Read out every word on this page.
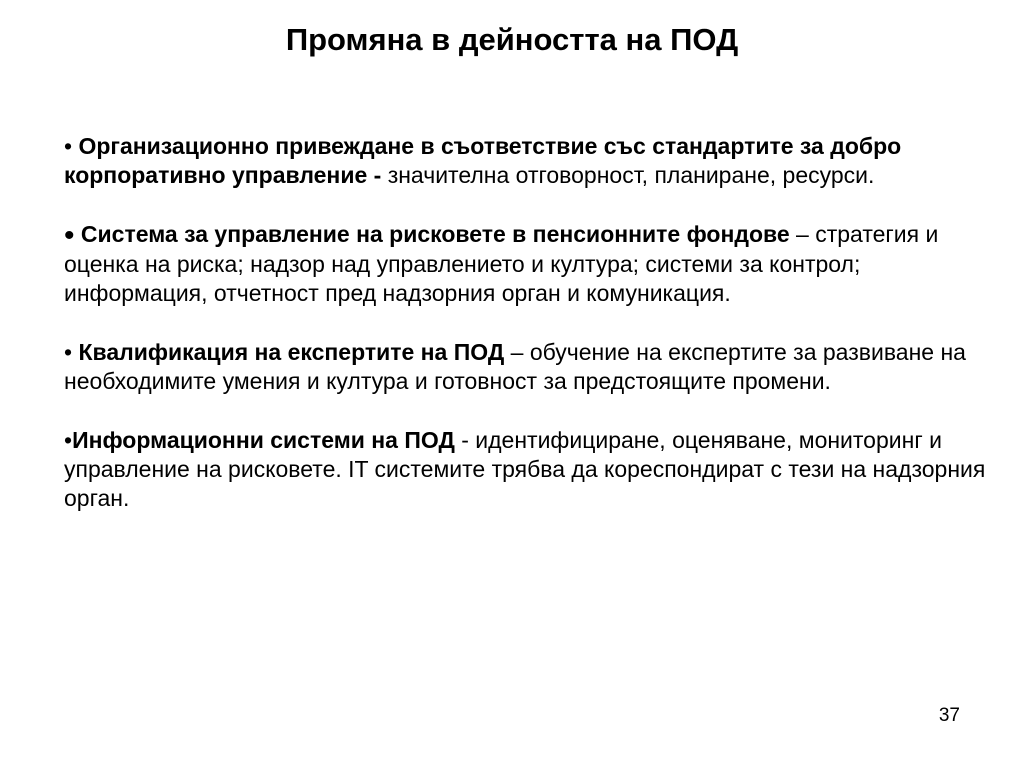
Промяна в дейността на ПОД
• Организационно привеждане в съответствие със стандартите за добро корпоративно управление - значителна отговорност, планиране, ресурси.
• Система за управление на рисковете в пенсионните фондове – стратегия и оценка на риска; надзор над управлението и култура; системи за контрол; информация, отчетност пред надзорния орган и комуникация.
• Квалификация на експертите на ПОД – обучение на експертите за развиване на необходимите умения и култура и готовност за предстоящите промени.
•Информационни системи на ПОД - идентифициране, оценяване, мониторинг и управление на рисковете. IT системите трябва да кореспондират с тези на надзорния орган.
37
